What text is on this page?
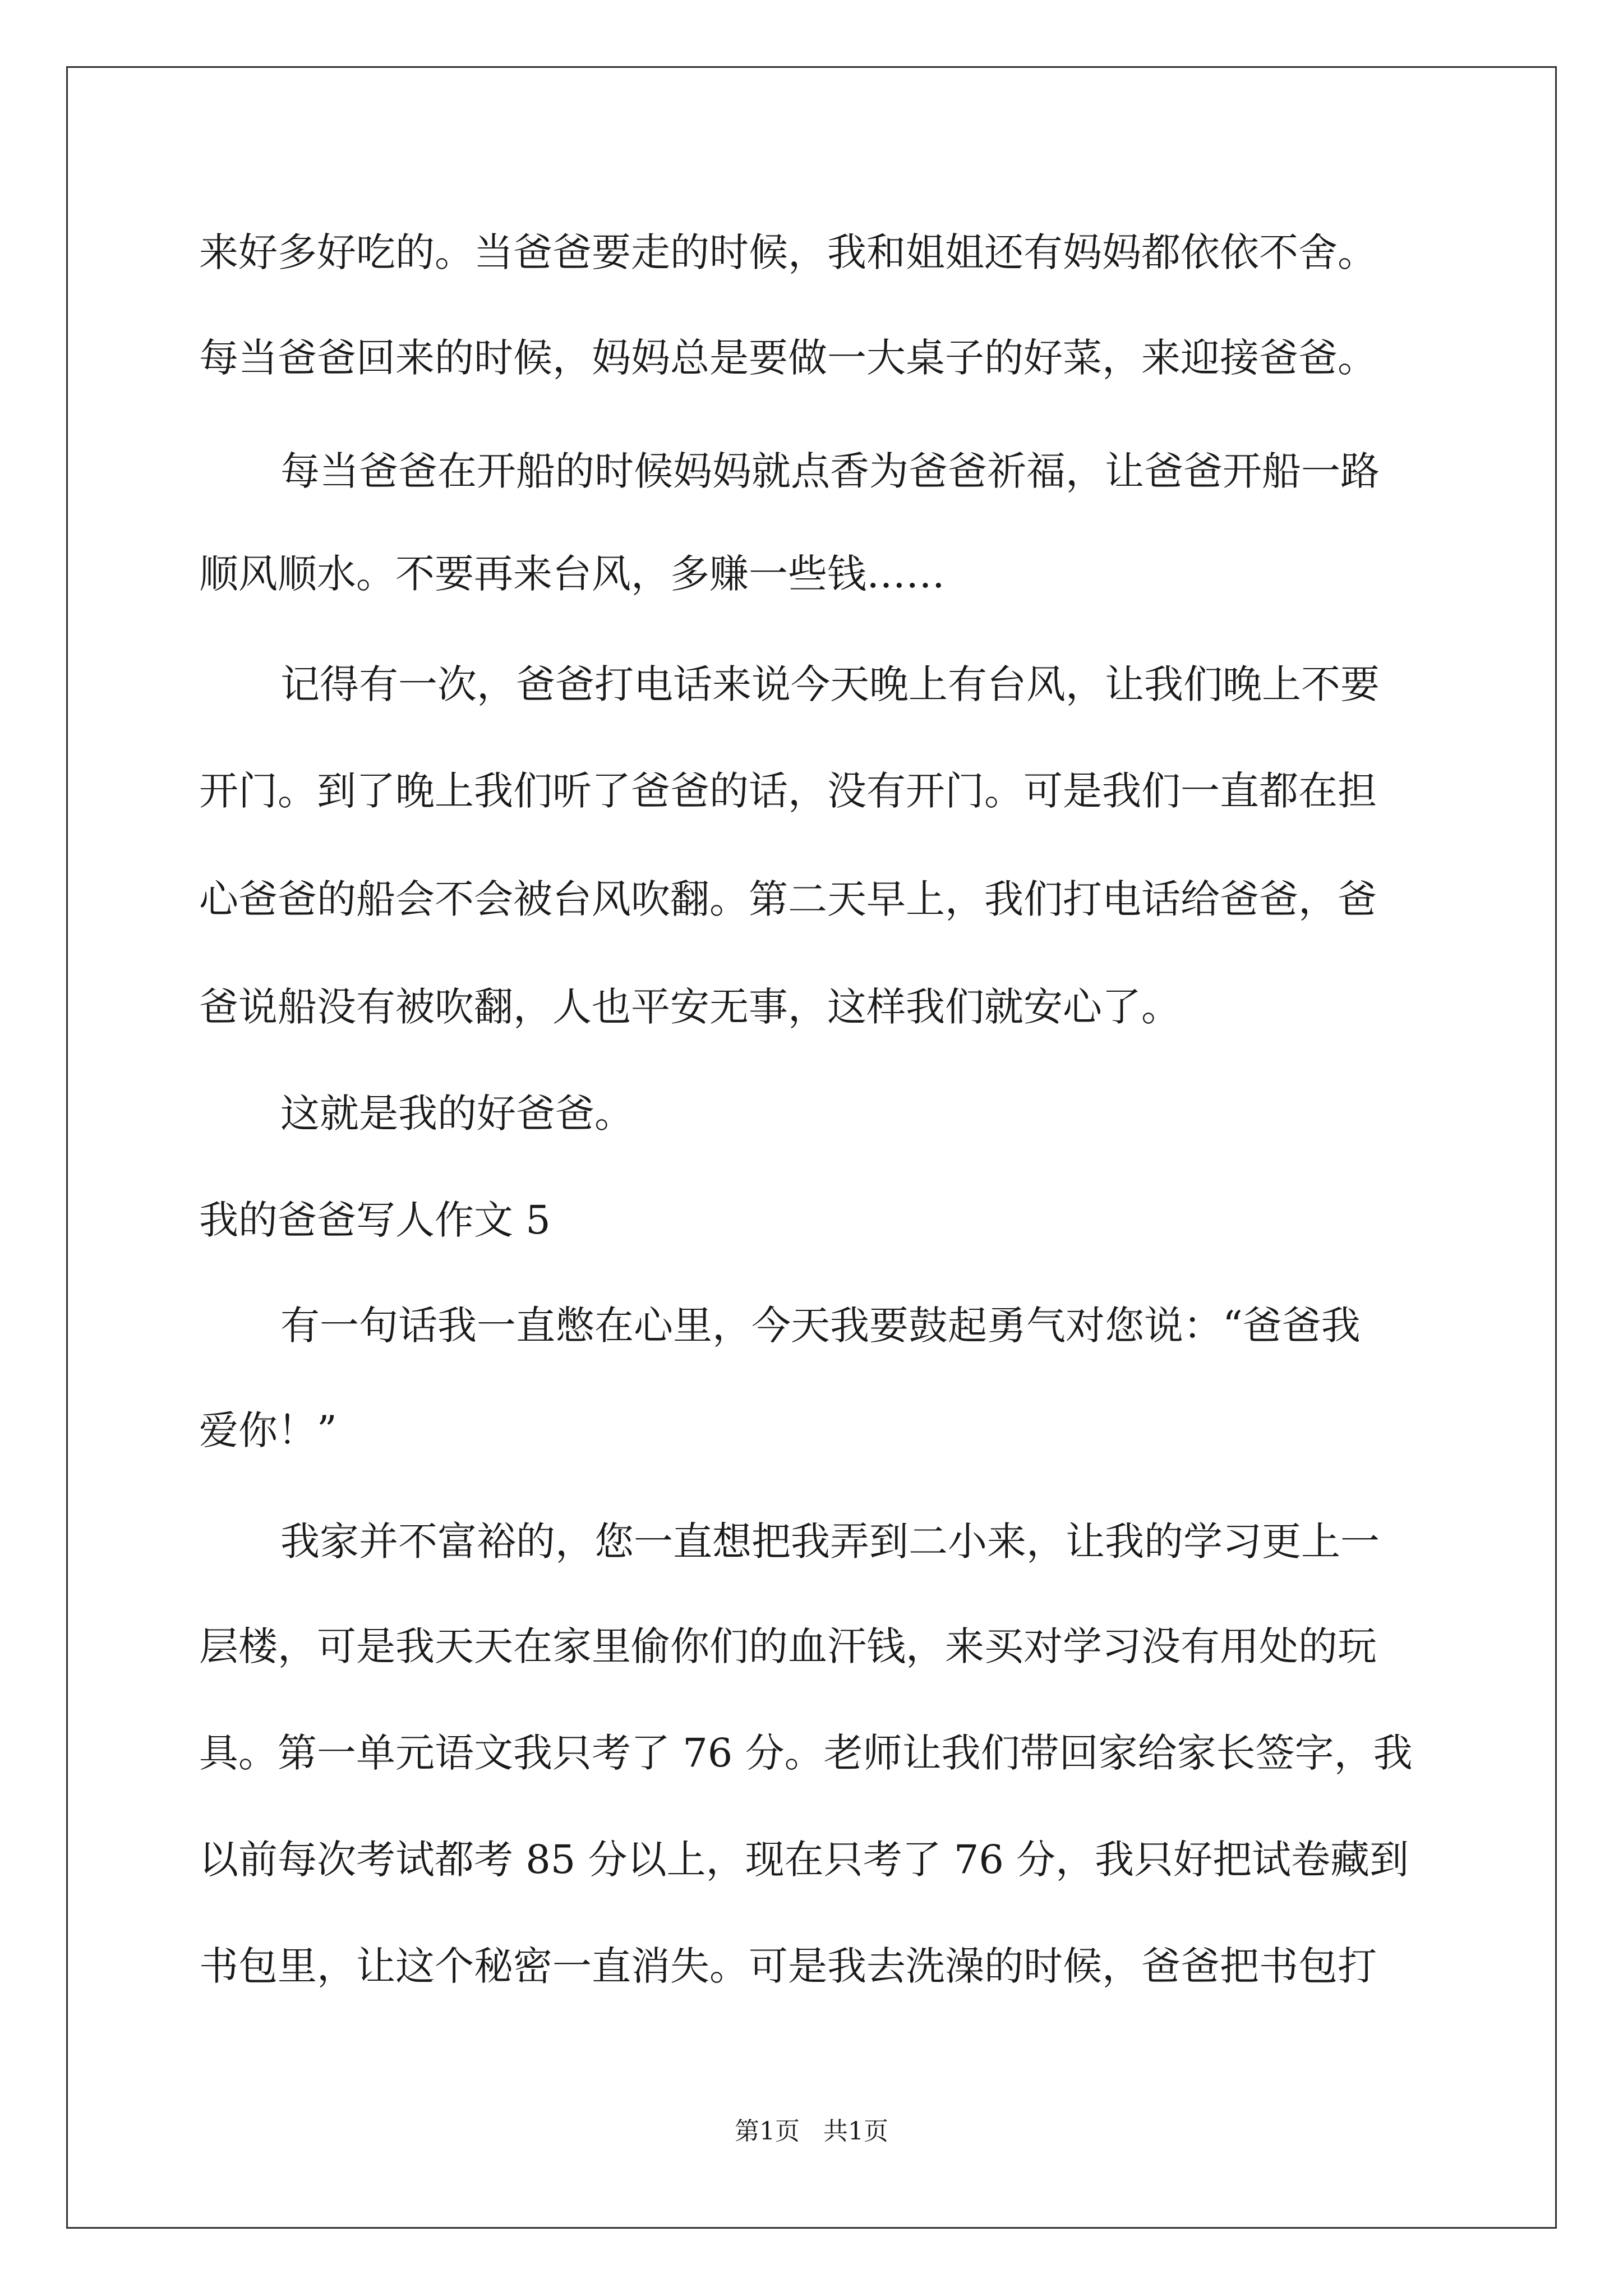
来好多好吃的。当爸爸要走的时候，我和姐姐还有妈妈都依依不舍。
每当爸爸回来的时候，妈妈总是要做一大桌子的好菜，来迎接爸爸。
每当爸爸在开船的时候妈妈就点香为爸爸祈福，让爸爸开船一路
顺风顺水。不要再来台风，多赚一些钱……
记得有一次，爸爸打电话来说今天晚上有台风，让我们晚上不要
开门。到了晚上我们听了爸爸的话，没有开门。可是我们一直都在担
心爸爸的船会不会被台风吹翻。第二天早上，我们打电话给爸爸，爸
爸说船没有被吹翻，人也平安无事，这样我们就安心了。
这就是我的好爸爸。
我的爸爸写人作文 5
有一句话我一直憋在心里，今天我要鼓起勇气对您说：“爸爸我
爱你！”
我家并不富裕的，您一直想把我弄到二小来，让我的学习更上一
层楼，可是我天天在家里偷你们的血汗钱，来买对学习没有用处的玩
具。第一单元语文我只考了 76 分。老师让我们带回家给家长签字，我
以前每次考试都考 85 分以上，现在只考了 76 分，我只好把试卷藏到
书包里，让这个秘密一直消失。可是我去洗澡的时候，爸爸把书包打
第1页   共1页
